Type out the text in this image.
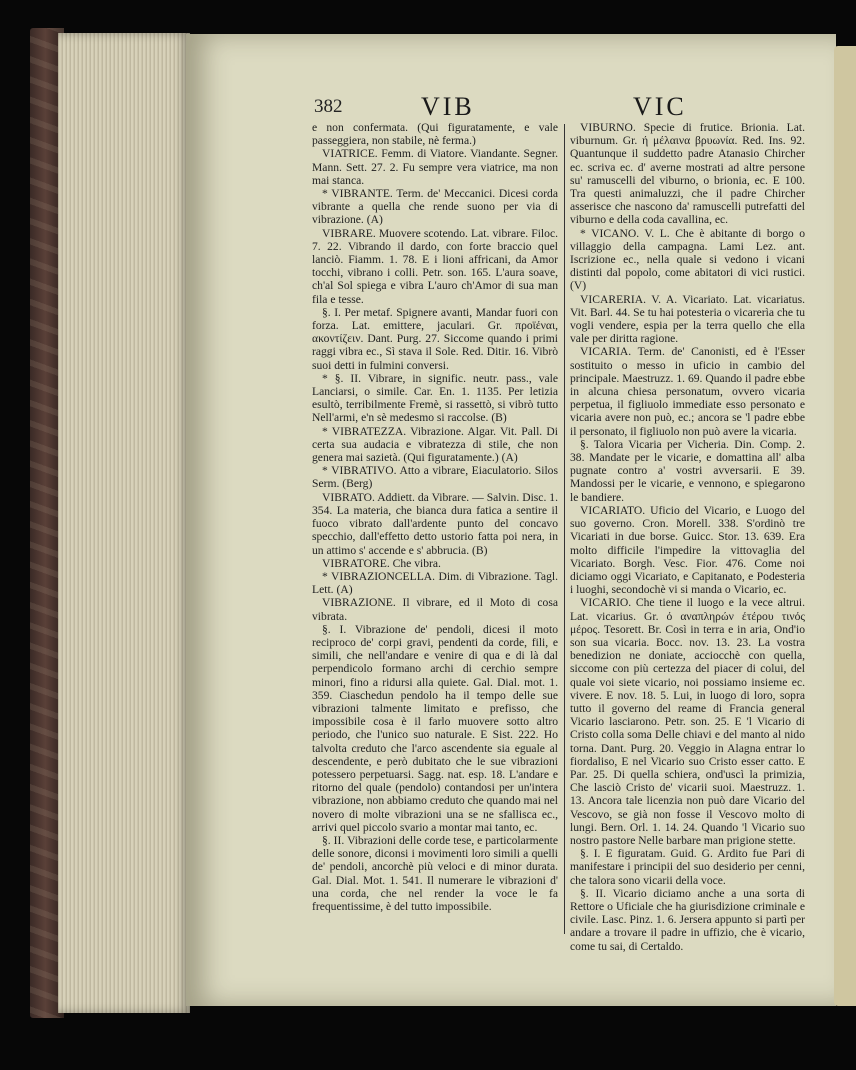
382	VIB	VIC

e non confermata. (Qui figuratamente, e vale passeggiera, non stabile, nè ferma.)

VIATRICE. Femm. di Viatore. Viandante. Segner. Mann. Sett. 27. 2. Fu sempre verа viatrice, ma non mai stanca.

* VIBRANTE. Term. de' Meccanici. Dicesi corda vibrante a quella che rende suono per via di vibrazione. (A)

VIBRARE. Muovere scotendo. Lat. vibrare. Filoc. 7. 22. Vibrando il dardo, con forte braccio quel lanciò. Fiamm. 1. 78. E i lioni affricani, da Amor tocchi, vibrano i colli. Petr. son. 165. L'aura soave, ch'al Sol spiega e vibra L'auro ch'Amor di sua man fila e tesse.

§. I. Per metaf. Spignere avanti, Mandar fuori con forza. Lat. emittere, jaculari. Gr. προϊέναι, ακοντίζειν. Dant. Purg. 27. Siccome quando i primi raggi vibra ec., Sì stava il Sole. Red. Ditir. 16. Vibrò suoi detti in fulmini conversi.

* §. II. Vibrare, in signific. neutr. pass., vale Lanciarsi, o simile. Car. En. 1. 1135. Per letizia esultò, terribilmente Fremè, si rassettò, si vibrò tutto Nell'armi, e'n sè medesmo si raccolse. (B)

* VIBRATEZZA. Vibrazione. Algar. Vit. Pall. Di certa sua audacia e vibratezza di stile, che non genera mai sazietà. (Qui figuratamente.) (A)

* VIBRATIVO. Atto a vibrare, Eiaculatorio. Silos Serm. (Berg)

VIBRATO. Addiett. da Vibrare. — Salvin. Disc. 1. 354. La materia, che bianca dura fatica a sentire il fuoco vibrato dall'ardente punto del concavo specchio, dall'effetto detto ustorio fatta poi nera, in un attimo s' accende e s' abbrucia. (B)

VIBRATORE. Che vibra.

* VIBRAZIONCELLA. Dim. di Vibrazione. Tagl. Lett. (A)

VIBRAZIONE. Il vibrare, ed il Moto di cosa vibrata.

§. I. Vibrazione de' pendoli, dicesi il moto reciproco de' corpi gravi, pendenti da corde, fili, e simili, che nell'andare e venire di qua e di là dal perpendicolo formano archi di cerchio sempre minori, fino a ridursi alla quiete. Gal. Dial. mot. 1. 359. Ciaschedun pendolo ha il tempo delle sue vibrazioni talmente limitato e prefisso, che impossibile cosa è il farlo muovere sotto altro periodo, che l'unico suo naturale. E Sist. 222. Ho talvolta creduto che l'arco ascendente sia eguale al descendente, e però dubitato che le sue vibrazioni potessero perpetuarsi. Sagg. nat. esp. 18. L'andare e ritorno del quale (pendolo) contandosi per un'intera vibrazione, non abbiamo creduto che quando mai nel novero di molte vibrazioni una se ne sfallisca ec., arrivi quel piccolo svario a montar mai tanto, ec.

§. II. Vibrazioni delle corde tese, e particolarmente delle sonore, diconsi i movimenti loro simili a quelli de' pendoli, ancorchè più veloci e di minor durata. Gal. Dial. Mot. 1. 541. Il numerare le vibrazioni d' una corda, che nel render la voce le fa frequentissime, è del tutto impossibile.

VIBURNO. Specie di frutice. Brionia. Lat. viburnum. Gr. ή μέλαινα βρυωνία. Red. Ins. 92. Quantunque il suddetto padre Atanasio Chircher ec. scriva ec. d' averne mostrati ad altre persone su' ramuscelli del viburno, o brionia, ec. E 100. Tra questi animaluzzi, che il padre Chircher asserisce che nascono da' ramuscelli putrefatti del viburno e della coda cavallina, ec.

* VICANO. V. L. Che è abitante di borgo o villaggio della campagna. Lami Lez. ant. Iscrizione ec., nella quale si vedono i vicani distinti dal popolo, come abitatori di vici rustici. (V)

VICARERIA. V. A. Vicariato. Lat. vicariatus. Vit. Barl. 44. Se tu hai potesteria o vicarerìa che tu vogli vendere, espia per la terra quello che ella vale per diritta ragione.

VICARIA. Term. de' Canonisti, ed è l'Esser sostituito o messo in uficio in cambio del principale. Maestruzz. 1. 69. Quando il padre ebbe in alcuna chiesa personatum, ovvero vicaria perpetua, il figliuolo immediate esso personato e vicaria avere non può, ec.; ancora se 'l padre ebbe il personato, il figliuolo non può avere la vicaria.

§. Talora Vicaria per Vicheria. Din. Comp. 2. 38. Mandate per le vicarie, e domattina all' alba pugnate contro a' vostri avversarii. E 39. Mandossi per le vicarie, e vennono, e spiegarono le bandiere.

VICARIATO. Uficio del Vicario, e Luogo del suo governo. Cron. Morell. 338. S'ordinò tre Vicariati in due borse. Guicc. Stor. 13. 639. Era molto difficile l'impedire la vittovaglia del Vicariato. Borgh. Vesc. Fior. 476. Come noi diciamo oggi Vicariato, e Capitanato, e Podesteria i luoghi, secondochè vi si manda o Vicario, ec.

VICARIO. Che tiene il luogo e la vece altrui. Lat. vicarius. Gr. ό αναπληρών έτέρου τινός μέρος. Tesorett. Br. Così in terra e in aria, Ond'io son sua vicaria. Bocc. nov. 13. 23. La vostra benedizion ne doniate, acciocchè con quella, siccome con più certezza del piacer di colui, del quale voi siete vicario, noi possiamo insieme ec. vivere. E nov. 18. 5. Lui, in luogo di loro, sopra tutto il governo del reame di Francia general Vicario lasciarono. Petr. son. 25. E 'l Vicario di Cristo colla soma Delle chiavi e del manto al nido torna. Dant. Purg. 20. Veggio in Alagna entrar lo fiordaliso, E nel Vicario suo Cristo esser catto. E Par. 25. Di quella schiera, ond'uscì la primizia, Che lasciò Cristo de' vicarii suoi. Maestruzz. 1. 13. Ancora tale licenzia non può dare Vicario del Vescovo, se già non fosse il Vescovo molto di lungi. Bern. Orl. 1. 14. 24. Quando 'l Vicario suo nostro pastore Nelle barbare man prigione stette.

§. I. E figuratam. Guid. G. Ardito fue Pari di manifestare i principii del suo desiderio per cenni, che talora sono vicarii della voce.

§. II. Vicario diciamo anche a una sorta di Rettore o Uficiale che ha giurisdizione criminale e civile. Lasc. Pinz. 1. 6. Jersera appunto si partì per andare a trovare il padre in uffizio, che è vicario, come tu sai, di Certaldo.
